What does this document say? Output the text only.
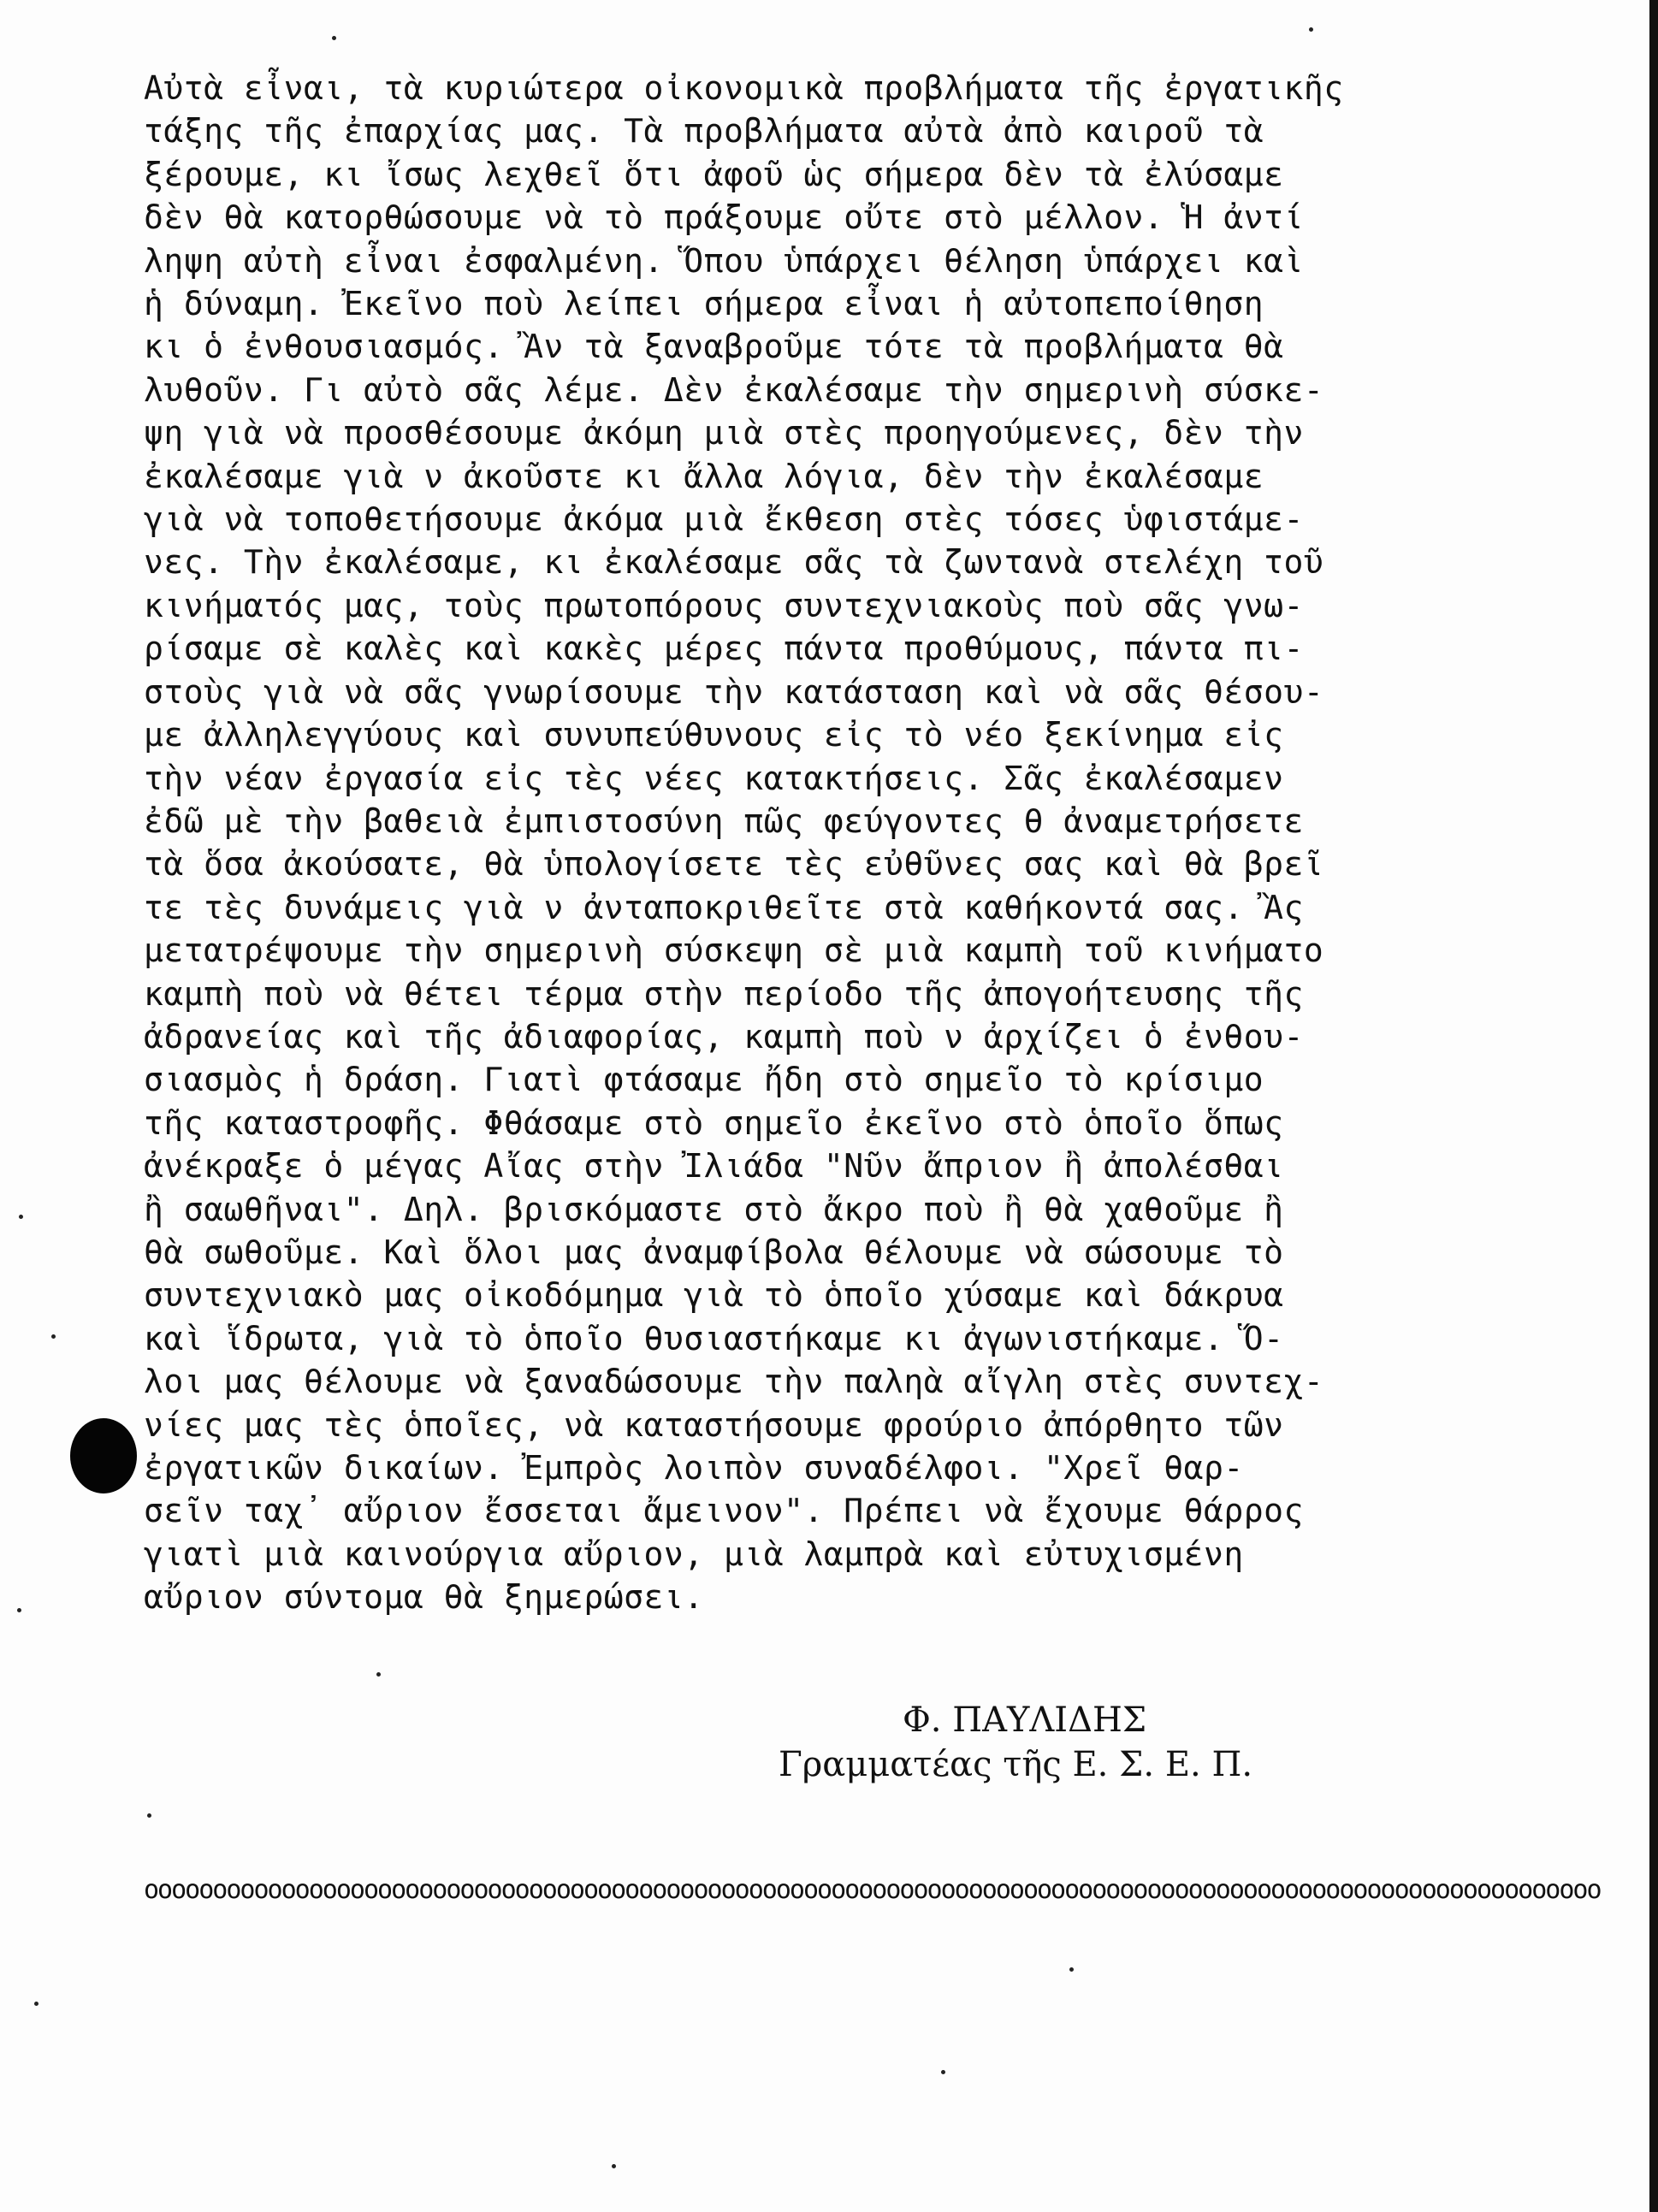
Αὐτὰ εἶναι, τὰ κυριώτερα οἰκονομικὰ προβλήματα τῆς ἐργατικῆς
τάξης τῆς ἐπαρχίας μας. Τὰ προβλήματα αὐτὰ ἀπὸ καιροῦ τὰ
ξέρουμε, κι ἴσως λεχθεῖ ὅτι ἀφοῦ ὡς σήμερα δὲν τὰ ἐλύσαμε
δὲν θὰ κατορθώσουμε νὰ τὸ πράξουμε οὔτε στὸ μέλλον. Ἡ ἀντί
ληψη αὐτὴ εἶναι ἐσφαλμένη. Ὅπου ὑπάρχει θέληση ὑπάρχει καὶ
ἡ δύναμη. Ἐκεῖνο ποὺ λείπει σήμερα εἶναι ἡ αὐτοπεποίθηση
κι ὁ ἐνθουσιασμός. Ἂν τὰ ξαναβροῦμε τότε τὰ προβλήματα θὰ
λυθοῦν. Γι αὐτὸ σᾶς λέμε. Δὲν ἐκαλέσαμε τὴν σημερινὴ σύσκε-
ψη γιὰ νὰ προσθέσουμε ἀκόμη μιὰ στὲς προηγούμενες, δὲν τὴν
ἐκαλέσαμε γιὰ ν ἀκοῦστε κι ἄλλα λόγια, δὲν τὴν ἐκαλέσαμε
γιὰ νὰ τοποθετήσουμε ἀκόμα μιὰ ἔκθεση στὲς τόσες ὑφιστάμε-
νες. Τὴν ἐκαλέσαμε, κι ἐκαλέσαμε σᾶς τὰ ζωντανὰ στελέχη τοῦ
κινήματός μας, τοὺς πρωτοπόρους συντεχνιακοὺς ποὺ σᾶς γνω-
ρίσαμε σὲ καλὲς καὶ κακὲς μέρες πάντα προθύμους, πάντα πι-
στοὺς γιὰ νὰ σᾶς γνωρίσουμε τὴν κατάσταση καὶ νὰ σᾶς θέσου-
με ἀλληλεγγύους καὶ συνυπεύθυνους εἰς τὸ νέο ξεκίνημα εἰς
τὴν νέαν ἐργασία εἰς τὲς νέες κατακτήσεις. Σᾶς ἐκαλέσαμεν
ἐδῶ μὲ τὴν βαθειὰ ἐμπιστοσύνη πῶς φεύγοντες θ ἀναμετρήσετε
τὰ ὅσα ἀκούσατε, θὰ ὑπολογίσετε τὲς εὐθῦνες σας καὶ θὰ βρεῖ
τε τὲς δυνάμεις γιὰ ν ἀνταποκριθεῖτε στὰ καθήκοντά σας. Ἂς
μετατρέψουμε τὴν σημερινὴ σύσκεψη σὲ μιὰ καμπὴ τοῦ κινήματο
καμπὴ ποὺ νὰ θέτει τέρμα στὴν περίοδο τῆς ἀπογοήτευσης τῆς
ἀδρανείας καὶ τῆς ἀδιαφορίας, καμπὴ ποὺ ν ἀρχίζει ὁ ἐνθου-
σιασμὸς ἡ δράση. Γιατὶ φτάσαμε ἤδη στὸ σημεῖο τὸ κρίσιμο
τῆς καταστροφῆς. Φθάσαμε στὸ σημεῖο ἐκεῖνο στὸ ὁποῖο ὅπως
ἀνέκραξε ὁ μέγας Αἴας στὴν Ἰλιάδα "Νῦν ἄπριον ἢ ἀπολέσθαι
ἢ σαωθῆναι". Δηλ. βρισκόμαστε στὸ ἄκρο ποὺ ἢ θὰ χαθοῦμε ἢ
θὰ σωθοῦμε. Καὶ ὅλοι μας ἀναμφίβολα θέλουμε νὰ σώσουμε τὸ
συντεχνιακὸ μας οἰκοδόμημα γιὰ τὸ ὁποῖο χύσαμε καὶ δάκρυα
καὶ ἵδρωτα, γιὰ τὸ ὁποῖο θυσιαστήκαμε κι ἀγωνιστήκαμε. Ὅ-
λοι μας θέλουμε νὰ ξαναδώσουμε τὴν παληὰ αἴγλη στὲς συντεχ-
νίες μας τὲς ὁποῖες, νὰ καταστήσουμε φρούριο ἀπόρθητο τῶν
ἐργατικῶν δικαίων. Ἐμπρὸς λοιπὸν συναδέλφοι. "Χρεῖ θαρ-
σεῖν ταχ᾽ αὔριον ἔσσεται ἄμεινον". Πρέπει νὰ ἔχουμε θάρρος
γιατὶ μιὰ καινούργια αὔριον, μιὰ λαμπρὰ καὶ εὐτυχισμένη
αὔριον σύντομα θὰ ξημερώσει.
Φ. ΠΑΥΛΙΔΗΣ
Γραμματέας τῆς Ε. Σ. Ε. Π.
oooooooooooooooooooooooooooooooooooooooooooooooooooooooooooooooooooooooooooooooooooooooooooooooooooooooooo
